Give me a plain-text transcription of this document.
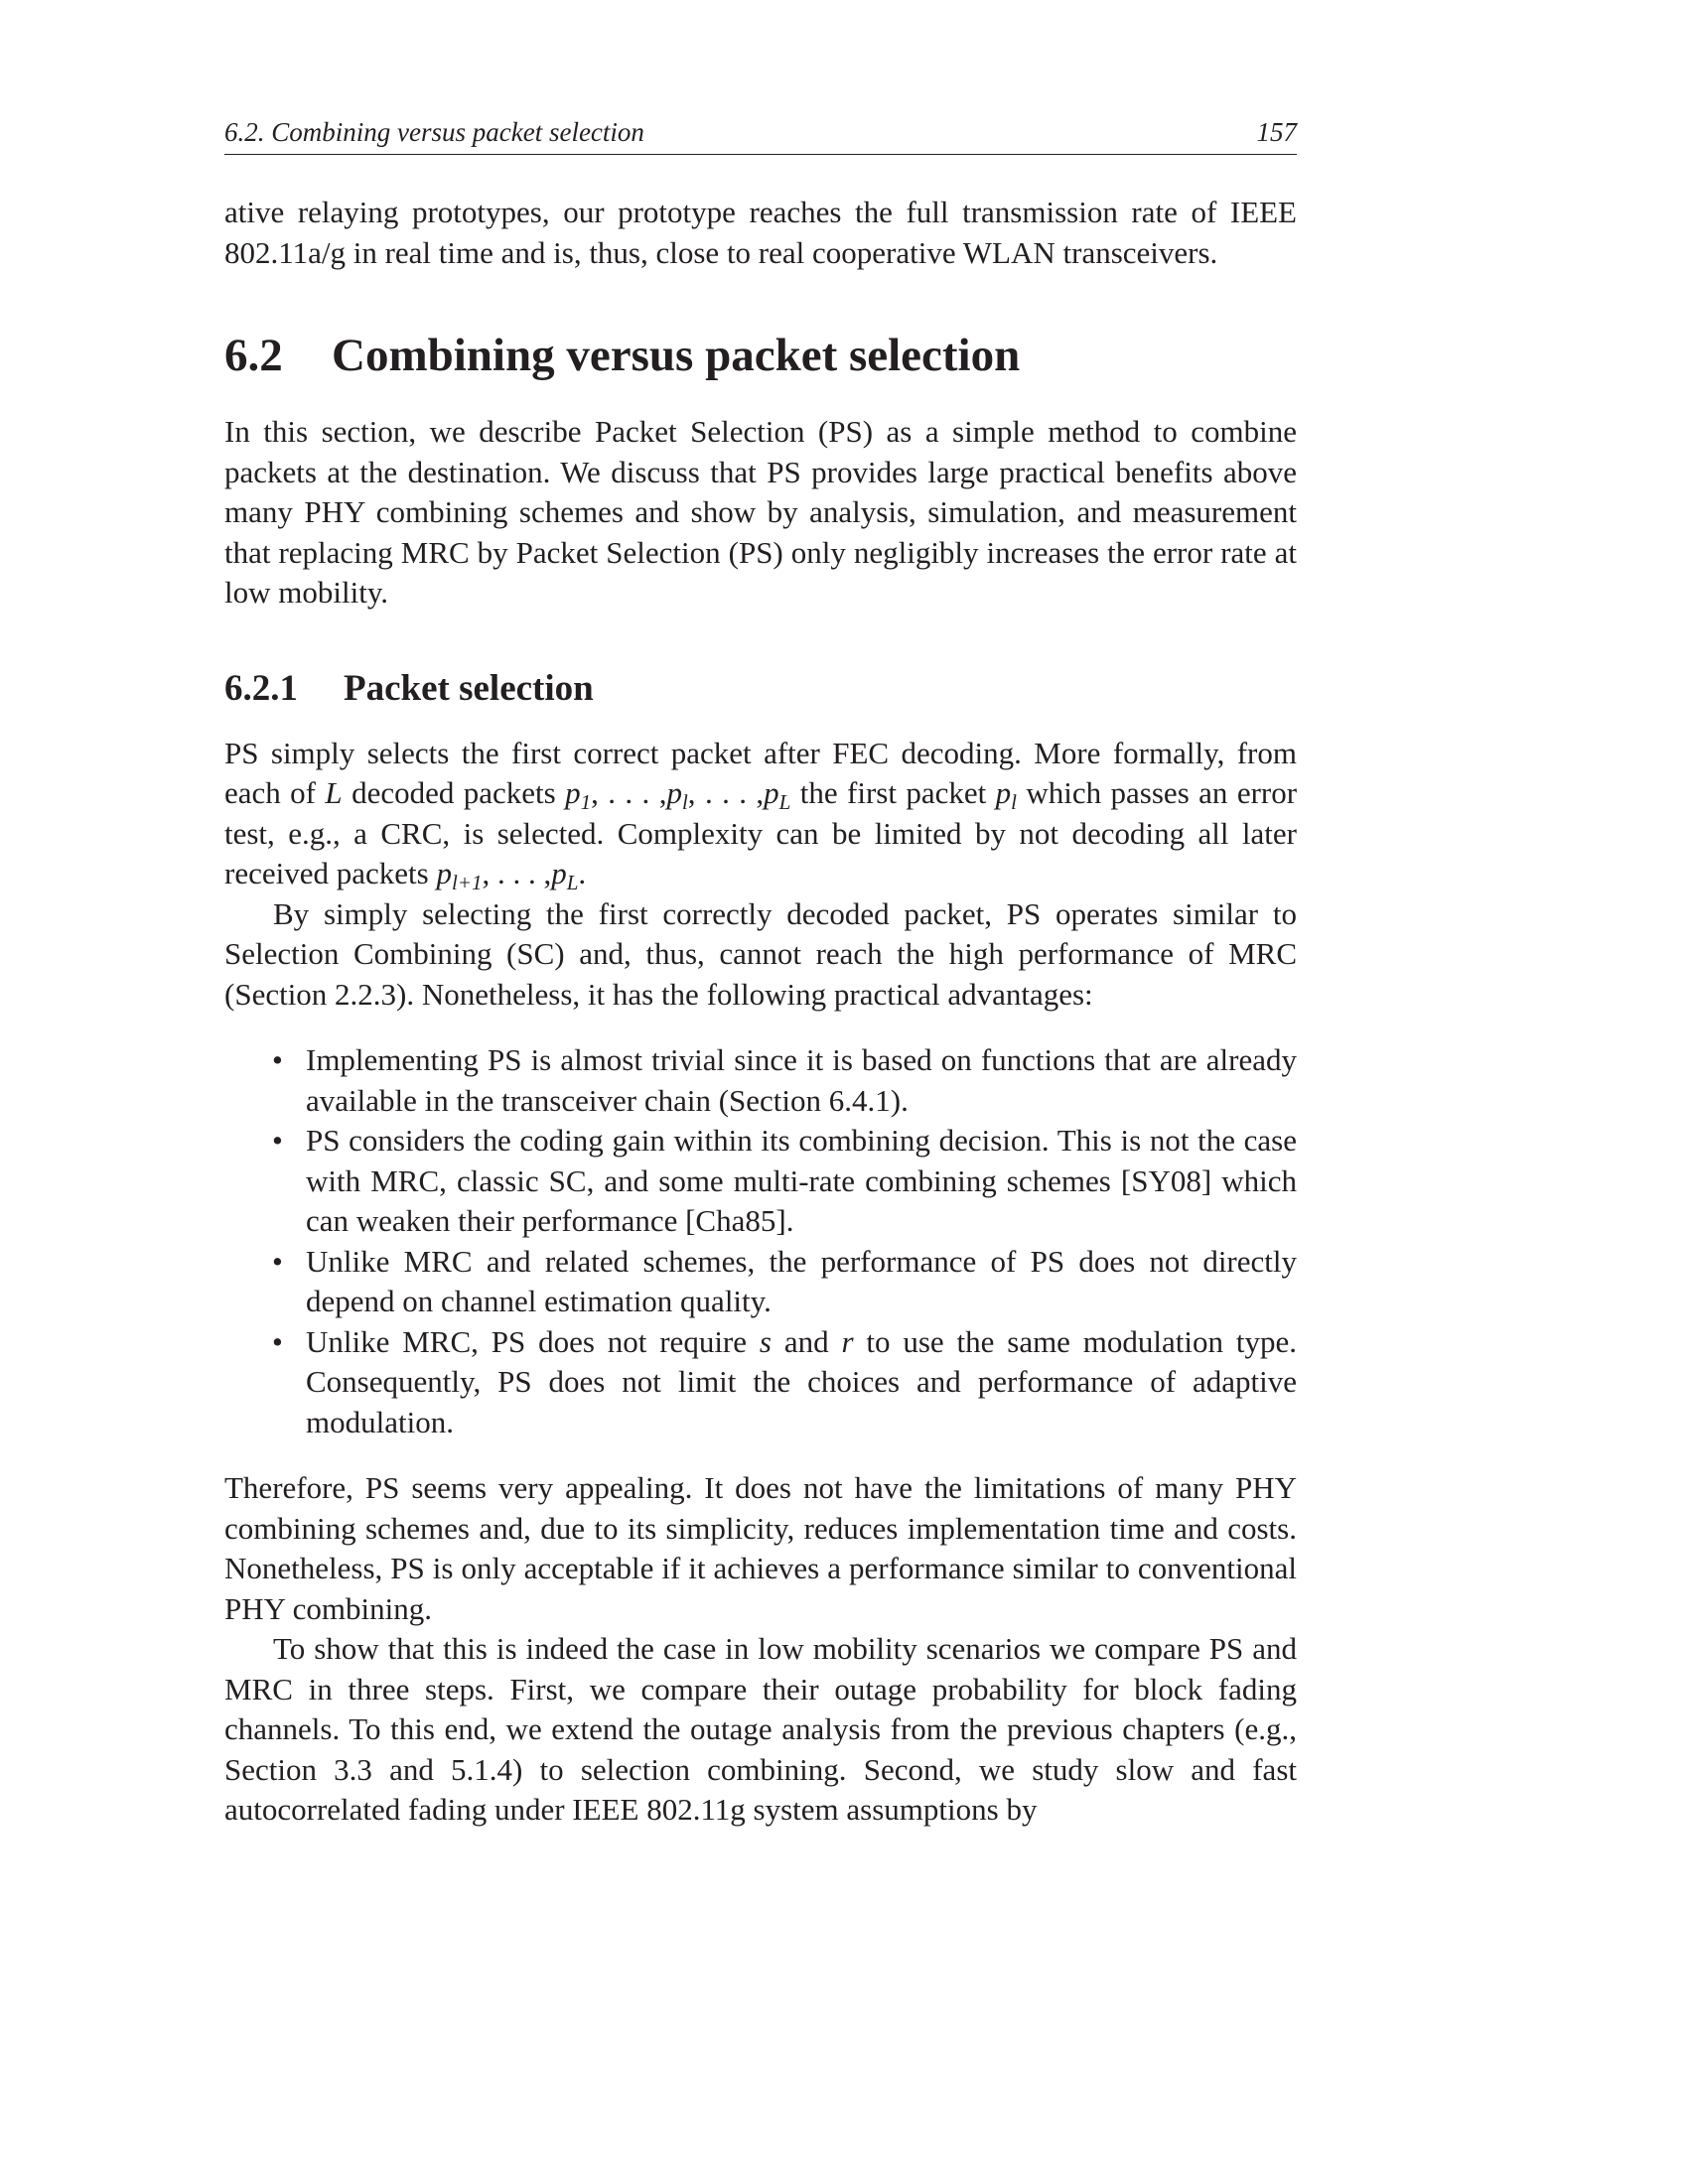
6.2. Combining versus packet selection	157

ative relaying prototypes, our prototype reaches the full transmission rate of IEEE 802.11a/g in real time and is, thus, close to real cooperative WLAN transceivers.

6.2	Combining versus packet selection

In this section, we describe Packet Selection (PS) as a simple method to combine packets at the destination. We discuss that PS provides large practical benefits above many PHY combining schemes and show by analysis, simulation, and measurement that replacing MRC by Packet Selection (PS) only negligibly increases the error rate at low mobility.

6.2.1	Packet selection

PS simply selects the first correct packet after FEC decoding. More formally, from each of L decoded packets $p_1$, . . . $,p_l$, . . . $,p_L$ the first packet $p_l$ which passes an error test, e.g., a CRC, is selected. Complexity can be limited by not decoding all later received packets $p_{l+1}$, . . . $,p_L$.

By simply selecting the first correctly decoded packet, PS operates similar to Selection Combining (SC) and, thus, cannot reach the high performance of MRC (Section 2.2.3). Nonetheless, it has the following practical advantages:

• Implementing PS is almost trivial since it is based on functions that are already available in the transceiver chain (Section 6.4.1).
• PS considers the coding gain within its combining decision. This is not the case with MRC, classic SC, and some multi-rate combining schemes [SY08] which can weaken their performance [Cha85].
• Unlike MRC and related schemes, the performance of PS does not directly depend on channel estimation quality.
• Unlike MRC, PS does not require s and r to use the same modulation type. Consequently, PS does not limit the choices and performance of adaptive modulation.

Therefore, PS seems very appealing. It does not have the limitations of many PHY combining schemes and, due to its simplicity, reduces implementation time and costs. Nonetheless, PS is only acceptable if it achieves a performance similar to conventional PHY combining.

To show that this is indeed the case in low mobility scenarios we compare PS and MRC in three steps. First, we compare their outage probability for block fading channels. To this end, we extend the outage analysis from the previous chapters (e.g., Section 3.3 and 5.1.4) to selection combining. Second, we study slow and fast autocorrelated fading under IEEE 802.11g system assumptions by
